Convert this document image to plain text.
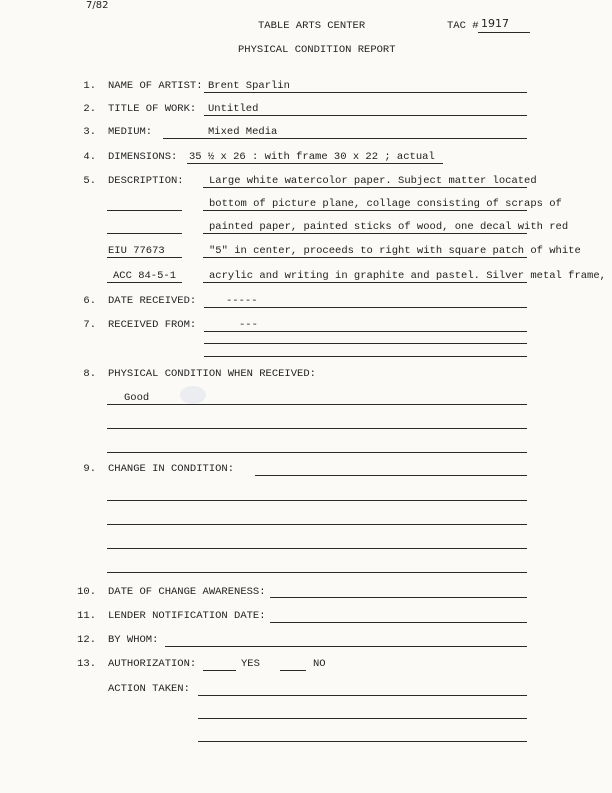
7/82
TABLE ARTS CENTER	TAC # 1917
PHYSICAL CONDITION REPORT
1. NAME OF ARTIST: Brent Sparlin
2. TITLE OF WORK: Untitled
3. MEDIUM:	Mixed Media
4. DIMENSIONS: 35 ½ x 26 : with frame 30 x 22 ; actual
5. DESCRIPTION: Large white watercolor paper. Subject matter located
bottom of picture plane, collage consisting of scraps of
painted paper, painted sticks of wood, one decal with red
EIU 77673	"5" in center, proceeds to right with square patch of white
ACC 84-5-1	acrylic and writing in graphite and pastel. Silver metal frame,
6. DATE RECEIVED:	-----
7. RECEIVED FROM:	---
8. PHYSICAL CONDITION WHEN RECEIVED:
Good
9. CHANGE IN CONDITION:
10. DATE OF CHANGE AWARENESS:
11. LENDER NOTIFICATION DATE:
12. BY WHOM:
13. AUTHORIZATION:	YES	NO
ACTION TAKEN:
